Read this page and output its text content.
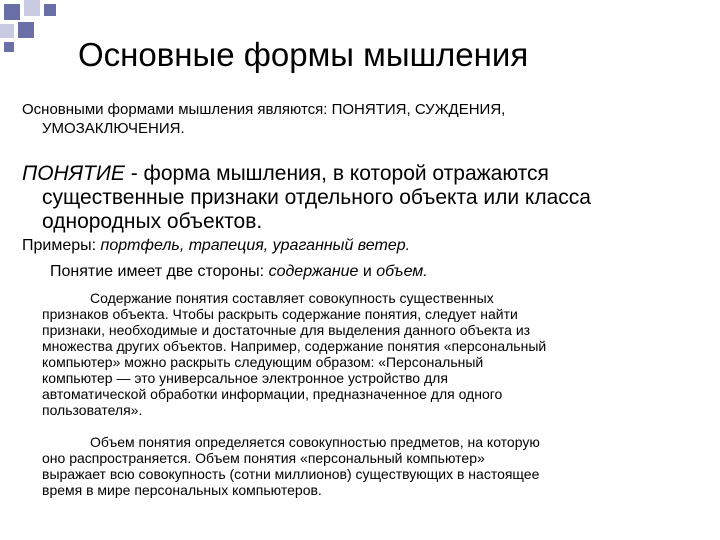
Основные формы мышления
Основными формами мышления являются: ПОНЯТИЯ, СУЖДЕНИЯ,
УМОЗАКЛЮЧЕНИЯ.
ПОНЯТИЕ - форма мышления, в которой отражаются
существенные признаки отдельного объекта или класса
однородных объектов.
Примеры: портфель, трапеция, ураганный ветер.
Понятие имеет две стороны: содержание и объем.
Содержание понятия составляет совокупность существенных
признаков объекта. Чтобы раскрыть содержание понятия, следует найти
признаки, необходимые и достаточные для выделения данного объекта из
множества других объектов. Например, содержание понятия «персональный
компьютер» можно раскрыть следующим образом: «Персональный
компьютер — это универсальное электронное устройство для
автоматической обработки информации, предназначенное для одного
пользователя».
Объем понятия определяется совокупностью предметов, на которую
оно распространяется. Объем понятия «персональный компьютер»
выражает всю совокупность (сотни миллионов) существующих в настоящее
время в мире персональных компьютеров.
